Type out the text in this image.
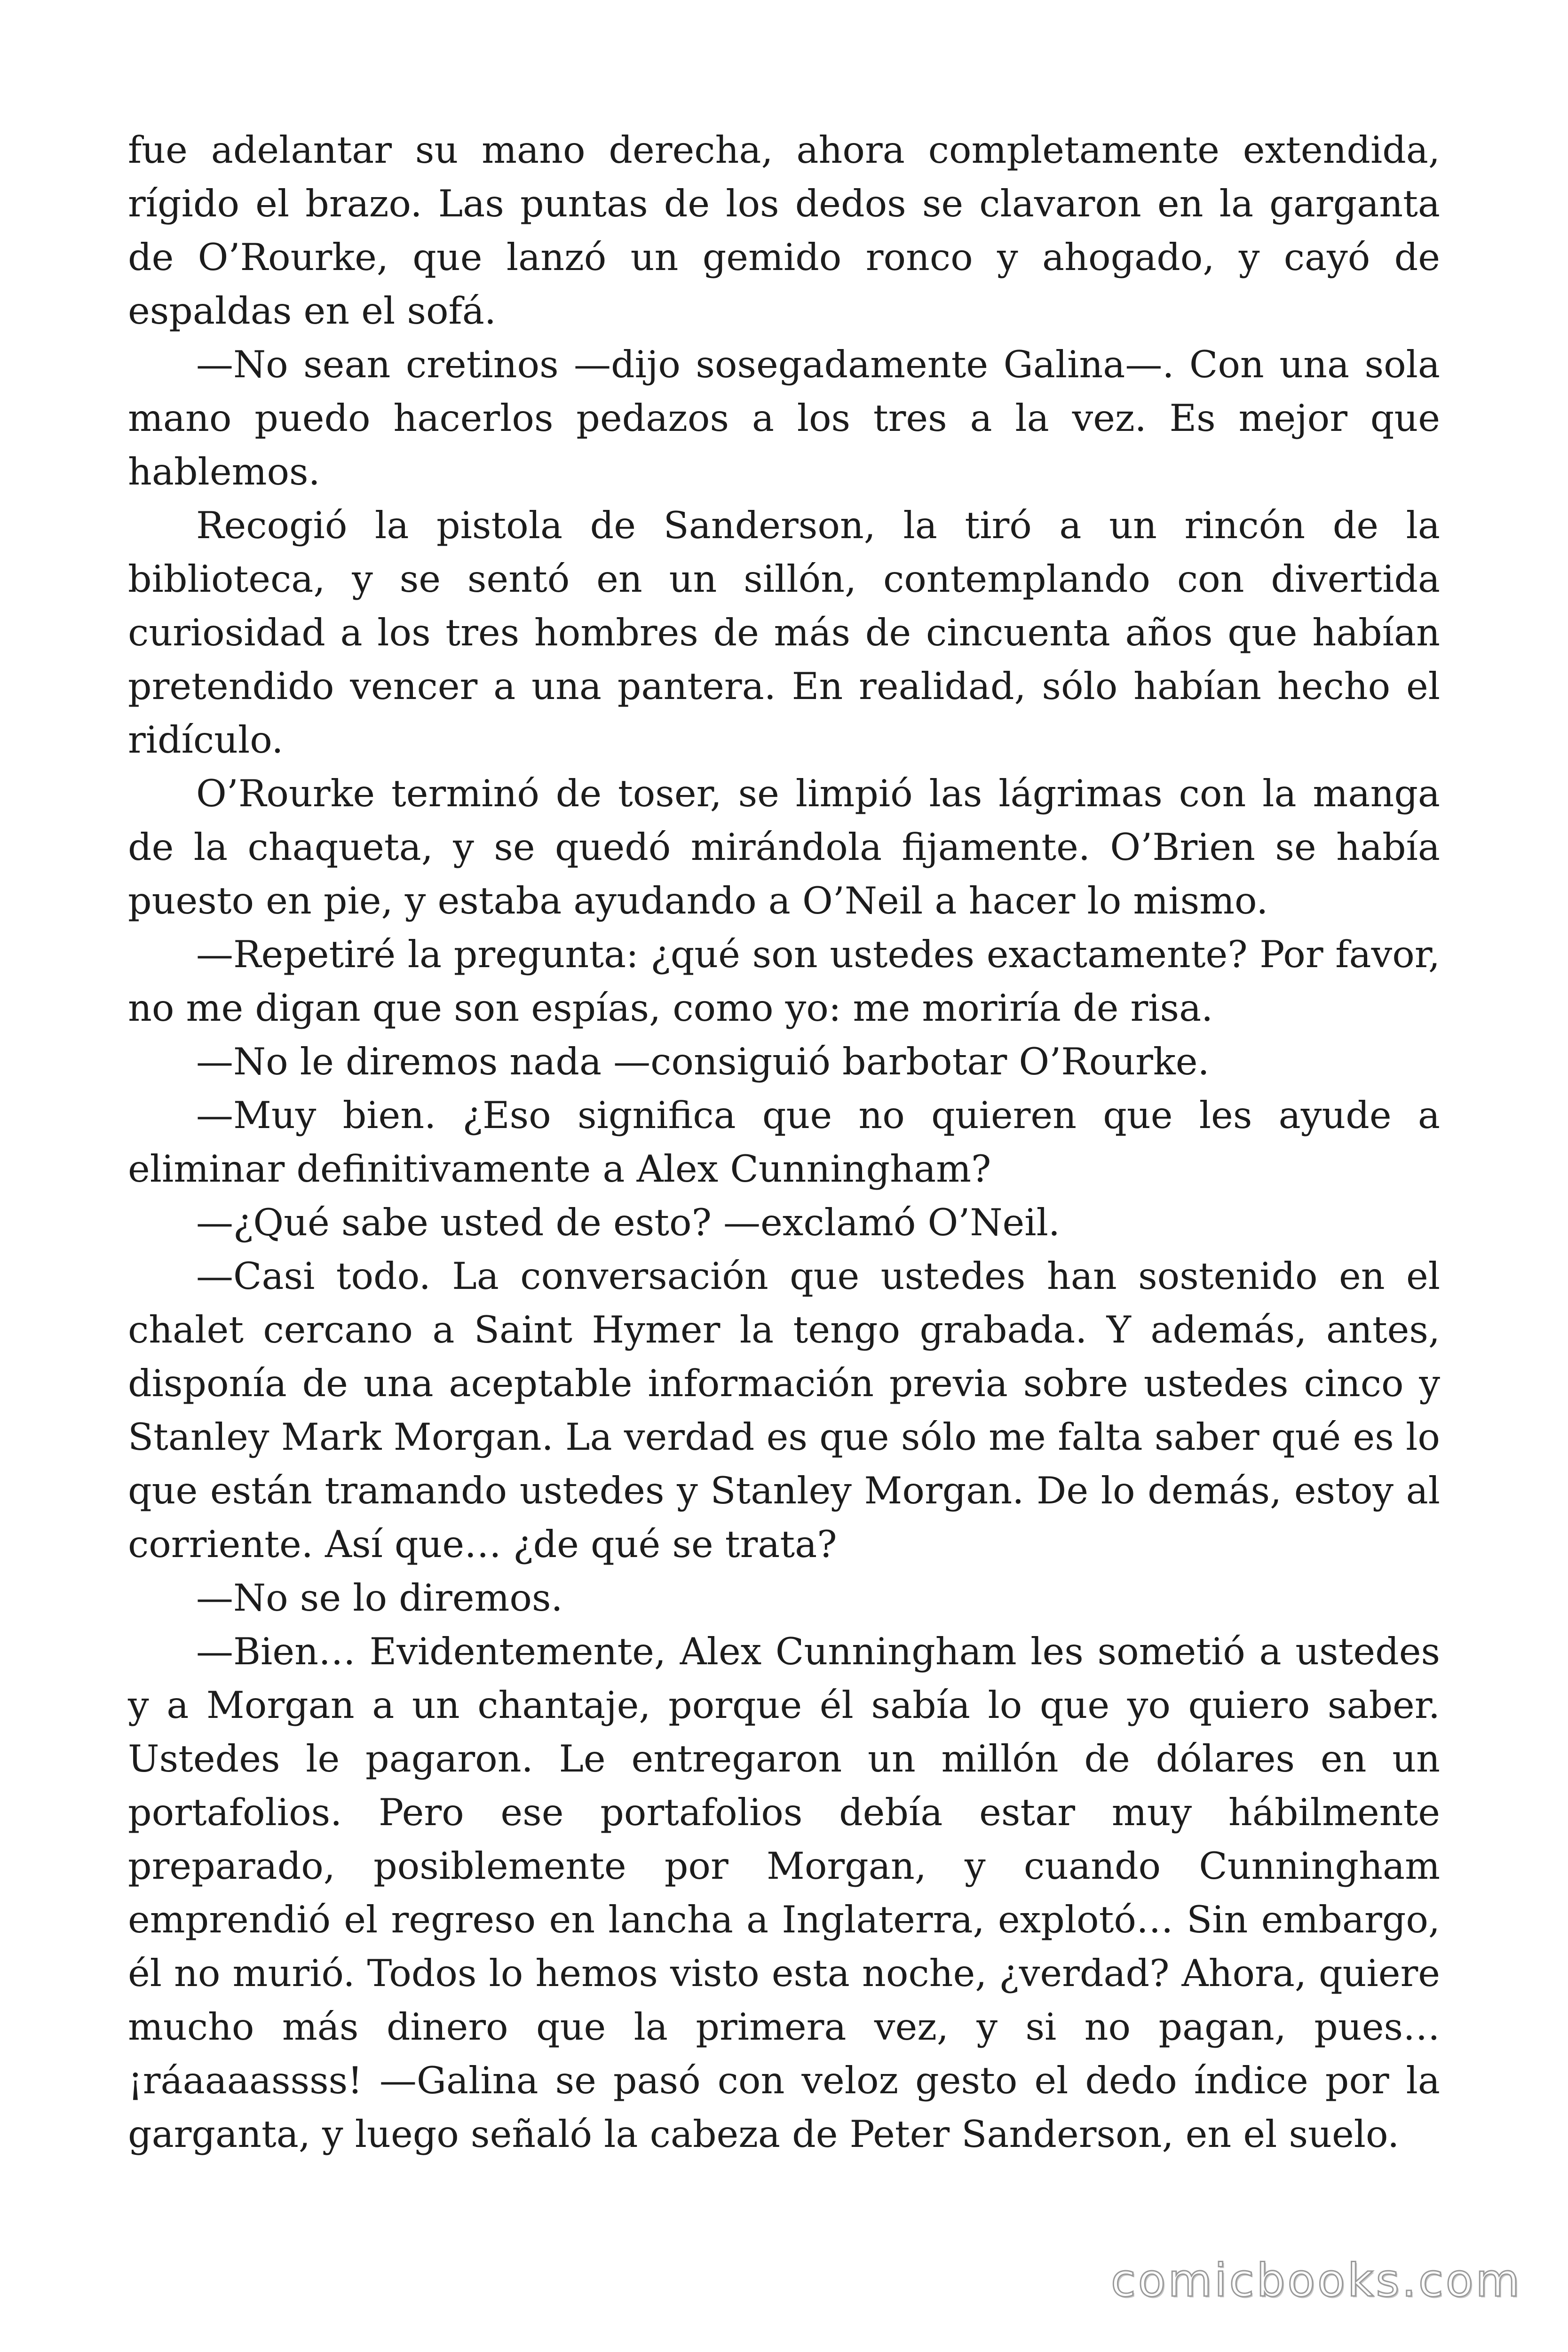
fue adelantar su mano derecha, ahora completamente extendida, rígido el brazo. Las puntas de los dedos se clavaron en la garganta de O’Rourke, que lanzó un gemido ronco y ahogado, y cayó de espaldas en el sofá.

—No sean cretinos —dijo sosegadamente Galina—. Con una sola mano puedo hacerlos pedazos a los tres a la vez. Es mejor que hablemos.

Recogió la pistola de Sanderson, la tiró a un rincón de la biblioteca, y se sentó en un sillón, contemplando con divertida curiosidad a los tres hombres de más de cincuenta años que habían pretendido vencer a una pantera. En realidad, sólo habían hecho el ridículo.

O’Rourke terminó de toser, se limpió las lágrimas con la manga de la chaqueta, y se quedó mirándola fijamente. O’Brien se había puesto en pie, y estaba ayudando a O’Neil a hacer lo mismo.

—Repetiré la pregunta: ¿qué son ustedes exactamente? Por favor, no me digan que son espías, como yo: me moriría de risa.

—No le diremos nada —consiguió barbotar O’Rourke.

—Muy bien. ¿Eso significa que no quieren que les ayude a eliminar definitivamente a Alex Cunningham?

—¿Qué sabe usted de esto? —exclamó O’Neil.

—Casi todo. La conversación que ustedes han sostenido en el chalet cercano a Saint Hymer la tengo grabada. Y además, antes, disponía de una aceptable información previa sobre ustedes cinco y Stanley Mark Morgan. La verdad es que sólo me falta saber qué es lo que están tramando ustedes y Stanley Morgan. De lo demás, estoy al corriente. Así que… ¿de qué se trata?

—No se lo diremos.

—Bien… Evidentemente, Alex Cunningham les sometió a ustedes y a Morgan a un chantaje, porque él sabía lo que yo quiero saber. Ustedes le pagaron. Le entregaron un millón de dólares en un portafolios. Pero ese portafolios debía estar muy hábilmente preparado, posiblemente por Morgan, y cuando Cunningham emprendió el regreso en lancha a Inglaterra, explotó… Sin embargo, él no murió. Todos lo hemos visto esta noche, ¿verdad? Ahora, quiere mucho más dinero que la primera vez, y si no pagan, pues… ¡ráaaaassss! —Galina se pasó con veloz gesto el dedo índice por la garganta, y luego señaló la cabeza de Peter Sanderson, en el suelo.

comicbooks.com
